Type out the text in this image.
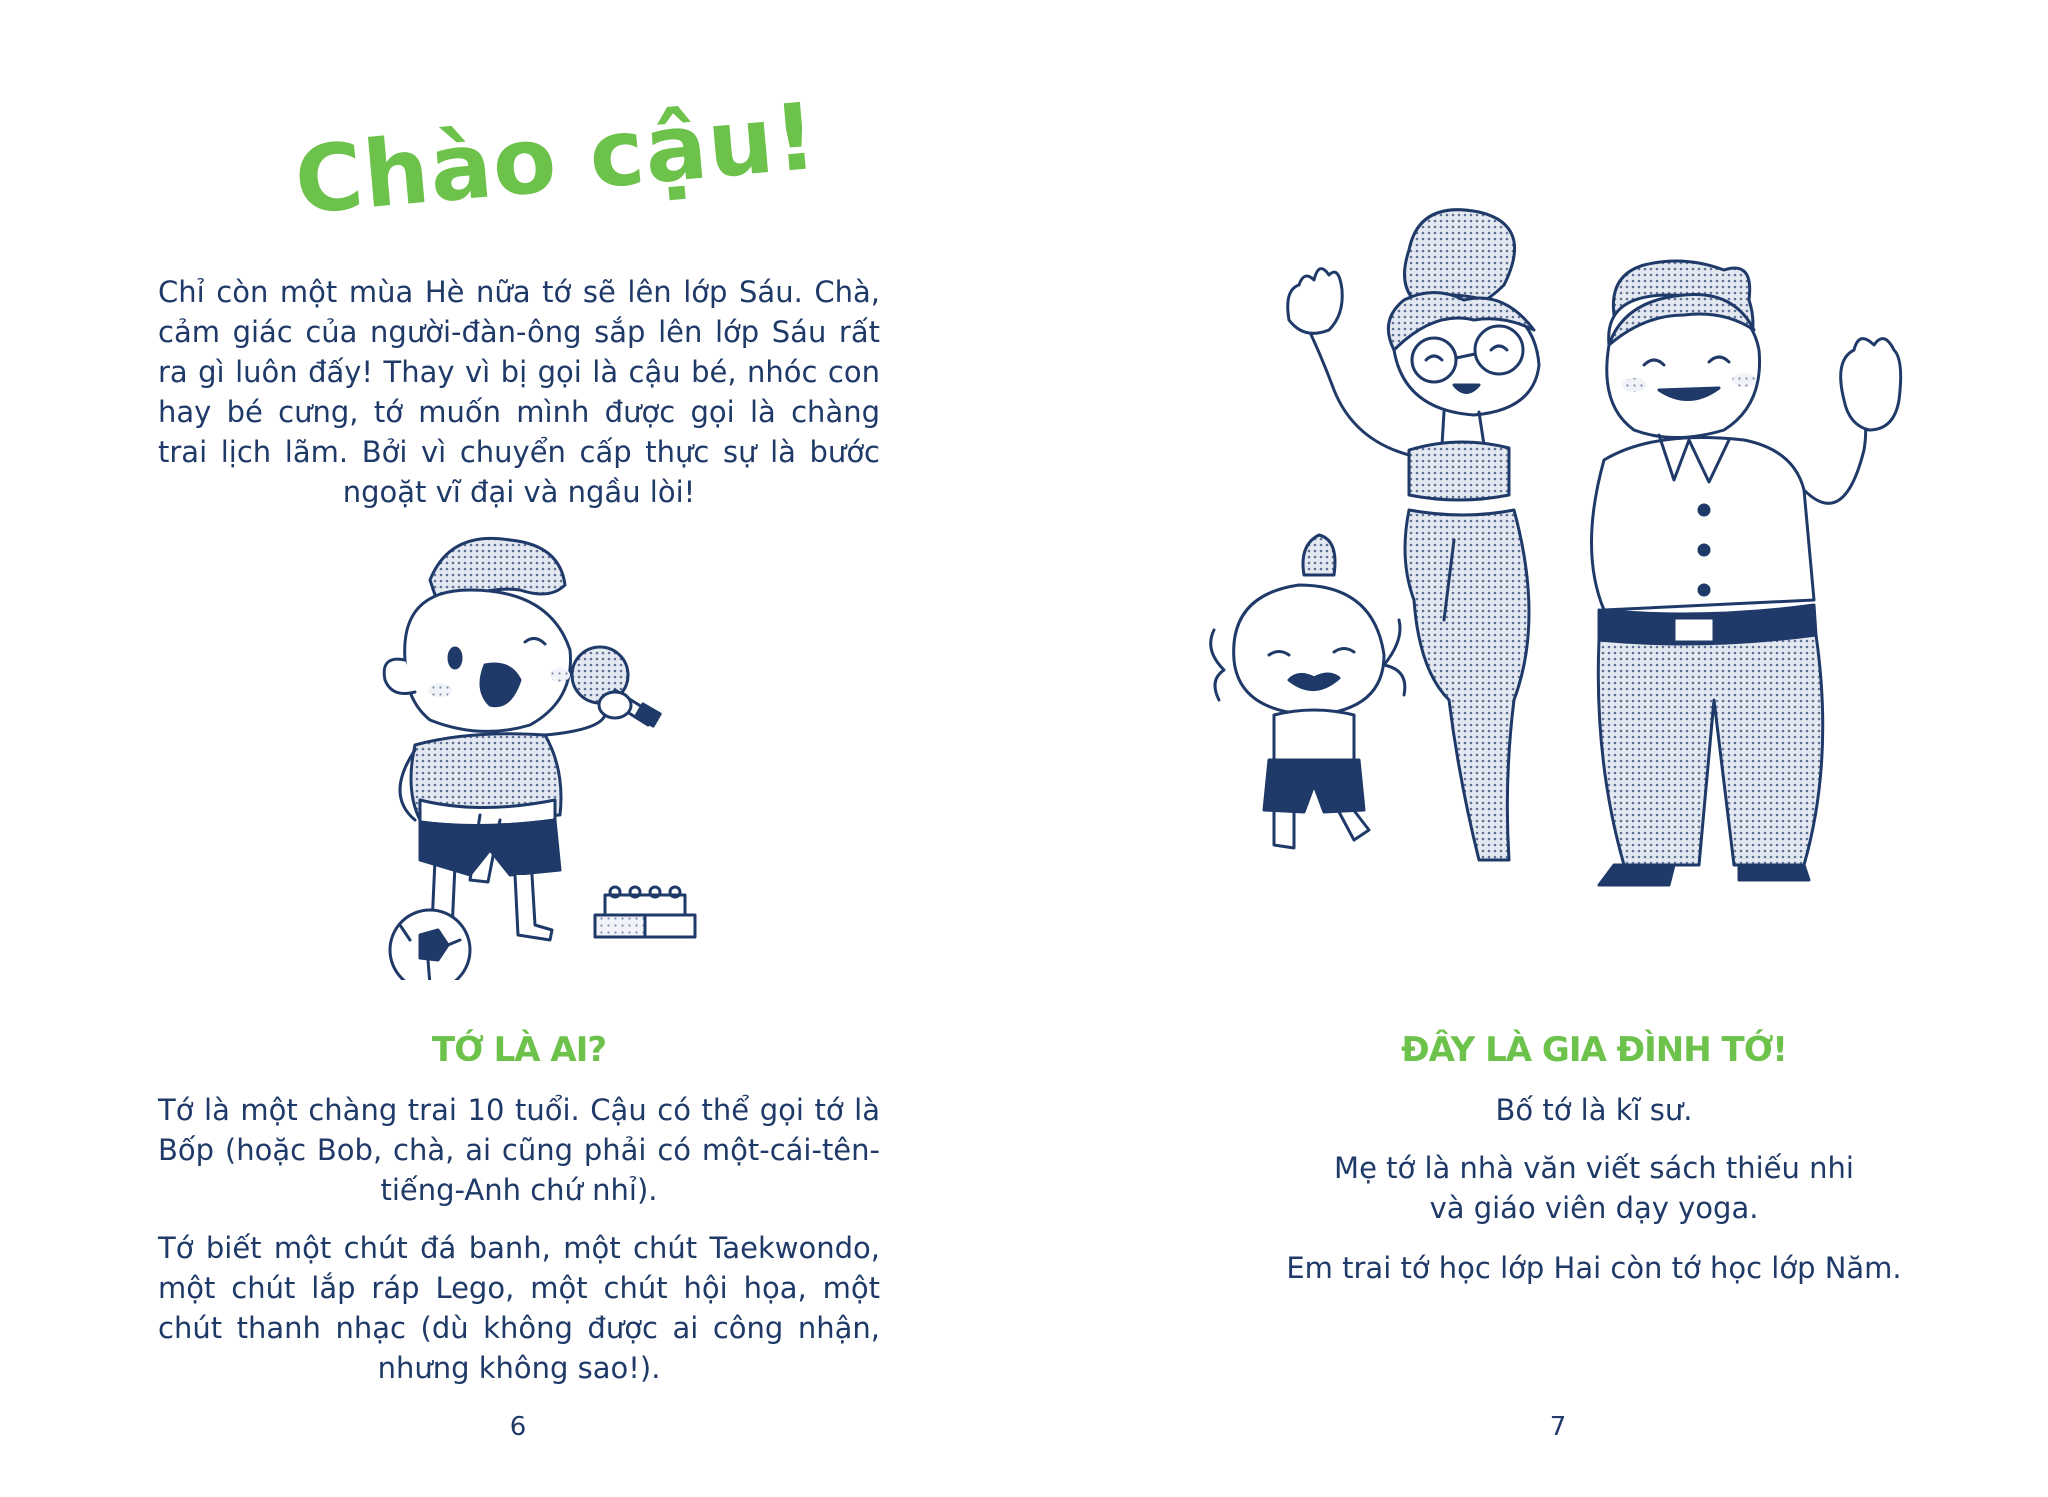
Chào cậu!
Chỉ còn một mùa Hè nữa tớ sẽ lên lớp Sáu. Chà, cảm giác của người-đàn-ông sắp lên lớp Sáu rất ra gì luôn đấy! Thay vì bị gọi là cậu bé, nhóc con hay bé cưng, tớ muốn mình được gọi là chàng trai lịch lãm. Bởi vì chuyển cấp thực sự là bước ngoặt vĩ đại và ngầu lòi!
TỚ LÀ AI?
Tớ là một chàng trai 10 tuổi. Cậu có thể gọi tớ là Bốp (hoặc Bob, chà, ai cũng phải có một-cái-tên-tiếng-Anh chứ nhỉ).
Tớ biết một chút đá banh, một chút Taekwondo, một chút lắp ráp Lego, một chút hội họa, một chút thanh nhạc (dù không được ai công nhận, nhưng không sao!).
6
ĐÂY LÀ GIA ĐÌNH TỚ!
Bố tớ là kĩ sư.
Mẹ tớ là nhà văn viết sách thiếu nhi và giáo viên dạy yoga.
Em trai tớ học lớp Hai còn tớ học lớp Năm.
7
